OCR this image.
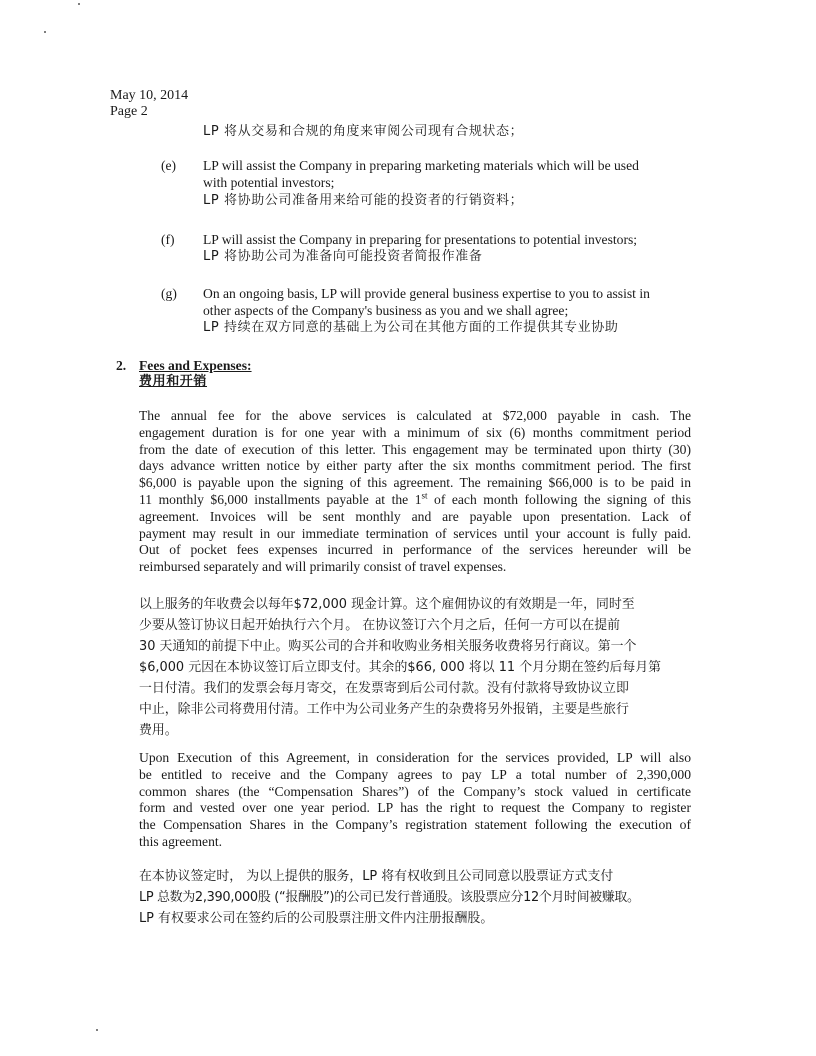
May 10, 2014
Page 2
LP 将从交易和合规的角度来审阅公司现有合规状态；
(e) LP will assist the Company in preparing marketing materials which will be used
with potential investors;
LP 将协助公司准备用来给可能的投资者的行销资料；
(f) LP will assist the Company in preparing for presentations to potential investors;
LP 将协助公司为准备向可能投资者简报作准备
(g) On an ongoing basis, LP will provide general business expertise to you to assist in
other aspects of the Company's business as you and we shall agree;
LP 持续在双方同意的基础上为公司在其他方面的工作提供其专业协助
2. Fees and Expenses:
费用和开销
The annual fee for the above services is calculated at $72,000 payable in cash. The
engagement duration is for one year with a minimum of six (6) months commitment period
from the date of execution of this letter. This engagement may be terminated upon thirty (30)
days advance written notice by either party after the six months commitment period. The first
$6,000 is payable upon the signing of this agreement. The remaining $66,000 is to be paid in
11 monthly $6,000 installments payable at the 1st of each month following the signing of this
agreement. Invoices will be sent monthly and are payable upon presentation. Lack of
payment may result in our immediate termination of services until your account is fully paid.
Out of pocket fees expenses incurred in performance of the services hereunder will be
reimbursed separately and will primarily consist of travel expenses.
以上服务的年收费会以每年$72,000 现金计算。这个雇佣协议的有效期是一年，同时至
少要从签订协议日起开始执行六个月。 在协议签订六个月之后，任何一方可以在提前
30 天通知的前提下中止。购买公司的合并和收购业务相关服务收费将另行商议。第一个
$6,000 元因在本协议签订后立即支付。其余的$66, 000 将以 11 个月分期在签约后每月第
一日付清。我们的发票会每月寄交，在发票寄到后公司付款。没有付款将导致协议立即
中止，除非公司将费用付清。工作中为公司业务产生的杂费将另外报销，主要是些旅行
费用。
Upon Execution of this Agreement, in consideration for the services provided, LP will also
be entitled to receive and the Company agrees to pay LP a total number of 2,390,000
common shares (the “Compensation Shares”) of the Company’s stock valued in certificate
form and vested over one year period. LP has the right to request the Company to register
the Compensation Shares in the Company’s registration statement following the execution of
this agreement.
在本协议签定时， 为以上提供的服务，LP 将有权收到且公司同意以股票证方式支付
LP 总数为2,390,000股 (“报酬股”)的公司已发行普通股。该股票应分12个月时间被赚取。
LP 有权要求公司在签约后的公司股票注册文件内注册报酬股。
